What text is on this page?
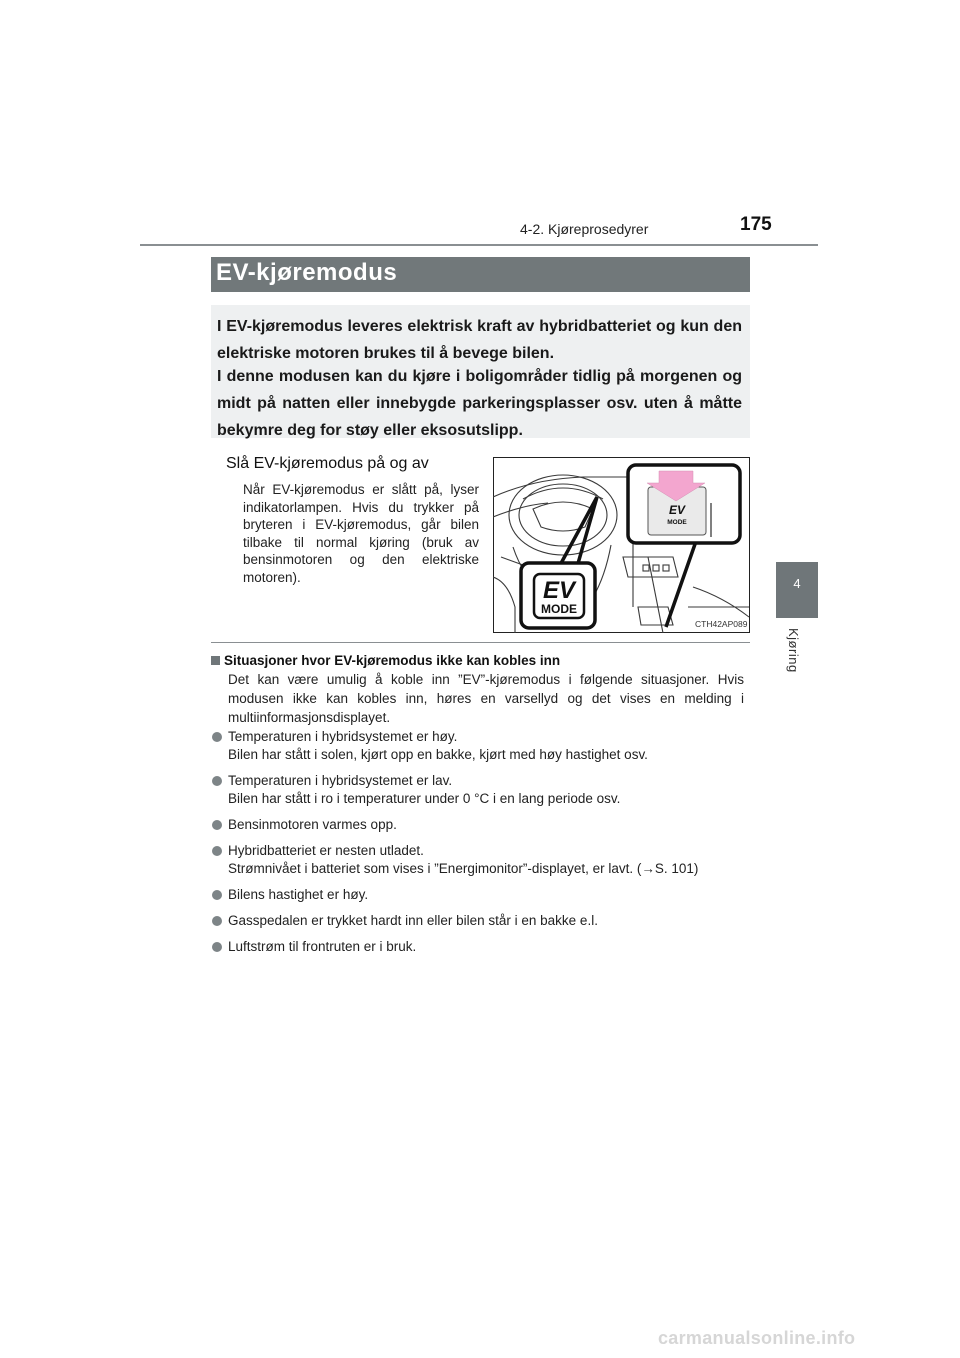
4-2. Kjøreprosedyrer	175
4
Kjøring
EV-kjøremodus

I EV-kjøremodus leveres elektrisk kraft av hybridbatteriet og kun den elektriske motoren brukes til å bevege bilen.

I denne modusen kan du kjøre i boligområder tidlig på morgenen og midt på natten eller innebygde parkeringsplasser osv. uten å måtte bekymre deg for støy eller eksosutslipp.

Slå EV-kjøremodus på og av

Når EV-kjøremodus er slått på, lyser indikatorlampen. Hvis du trykker på bryteren i EV-kjøremodus, går bilen tilbake til normal kjøring (bruk av bensinmotoren og den elektriske motoren).

EV
MODE
EV
MODE
CTH42AP089
Situasjoner hvor EV-kjøremodus ikke kan kobles inn

Det kan være umulig å koble inn ”EV”-kjøremodus i følgende situasjoner. Hvis modusen ikke kan kobles inn, høres en varsellyd og det vises en melding i multiinformasjonsdisplayet.

Temperaturen i hybridsystemet er høy.
Bilen har stått i solen, kjørt opp en bakke, kjørt med høy hastighet osv.
Temperaturen i hybridsystemet er lav.
Bilen har stått i ro i temperaturer under 0 °C i en lang periode osv.
Bensinmotoren varmes opp.
Hybridbatteriet er nesten utladet.
Strømnivået i batteriet som vises i ”Energimonitor”-displayet, er lavt. (→S. 101)
Bilens hastighet er høy.
Gasspedalen er trykket hardt inn eller bilen står i en bakke e.l.
Luftstrøm til frontruten er i bruk.
carmanualsonline.info
